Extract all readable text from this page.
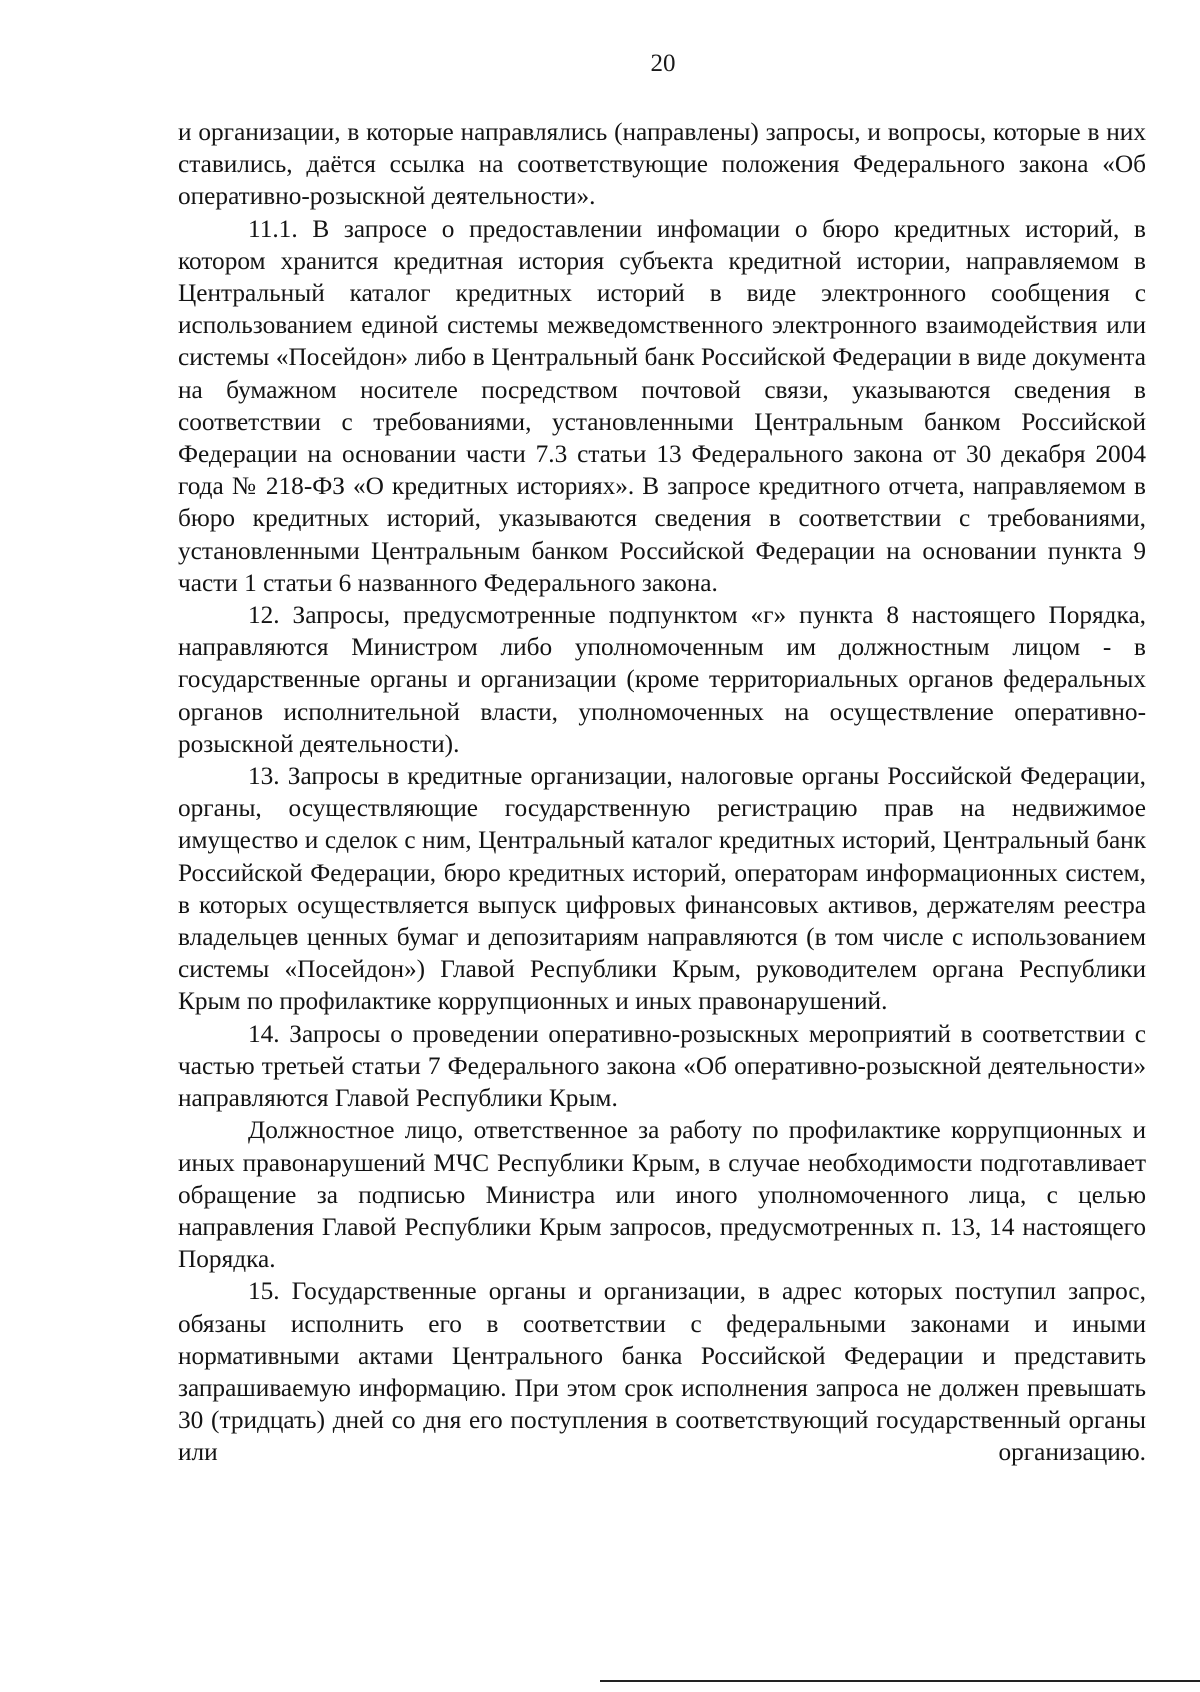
20

и организации, в которые направлялись (направлены) запросы, и вопросы, которые в них ставились, даётся ссылка на соответствующие положения Федерального закона «Об оперативно-розыскной деятельности».

11.1. В запросе о предоставлении инфомации о бюро кредитных историй, в котором хранится кредитная история субъекта кредитной истории, направляемом в Центральный каталог кредитных историй в виде электронного сообщения с использованием единой системы межведомственного электронного взаимодействия или системы «Посейдон» либо в Центральный банк Российской Федерации в виде документа на бумажном носителе посредством почтовой связи, указываются сведения в соответствии с требованиями, установленными Центральным банком Российской Федерации на основании части 7.3 статьи 13 Федерального закона от 30 декабря 2004 года № 218-ФЗ «О кредитных историях». В запросе кредитного отчета, направляемом в бюро кредитных историй, указываются сведения в соответствии с требованиями, установленными Центральным банком Российской Федерации на основании пункта 9 части 1 статьи 6 названного Федерального закона.

12. Запросы, предусмотренные подпунктом «г» пункта 8 настоящего Порядка, направляются Министром либо уполномоченным им должностным лицом - в государственные органы и организации (кроме территориальных органов федеральных органов исполнительной власти, уполномоченных на осуществление оперативно-розыскной деятельности).

13. Запросы в кредитные организации, налоговые органы Российской Федерации, органы, осуществляющие государственную регистрацию прав на недвижимое имущество и сделок с ним, Центральный каталог кредитных историй, Центральный банк Российской Федерации, бюро кредитных историй, операторам информационных систем, в которых осуществляется выпуск цифровых финансовых активов, держателям реестра владельцев ценных бумаг и депозитариям направляются (в том числе с использованием системы «Посейдон») Главой Республики Крым, руководителем органа Республики Крым по профилактике коррупционных и иных правонарушений.

14. Запросы о проведении оперативно-розыскных мероприятий в соответствии с частью третьей статьи 7 Федерального закона «Об оперативно-розыскной деятельности» направляются Главой Республики Крым.

Должностное лицо, ответственное за работу по профилактике коррупционных и иных правонарушений МЧС Республики Крым, в случае необходимости подготавливает обращение за подписью Министра или иного уполномоченного лица, с целью направления Главой Республики Крым запросов, предусмотренных п. 13, 14 настоящего Порядка.

15. Государственные органы и организации, в адрес которых поступил запрос, обязаны исполнить его в соответствии с федеральными законами и иными нормативными актами Центрального банка Российской Федерации и представить запрашиваемую информацию. При этом срок исполнения запроса не должен превышать 30 (тридцать) дней со дня его поступления в соответствующий государственный органы или организацию.
